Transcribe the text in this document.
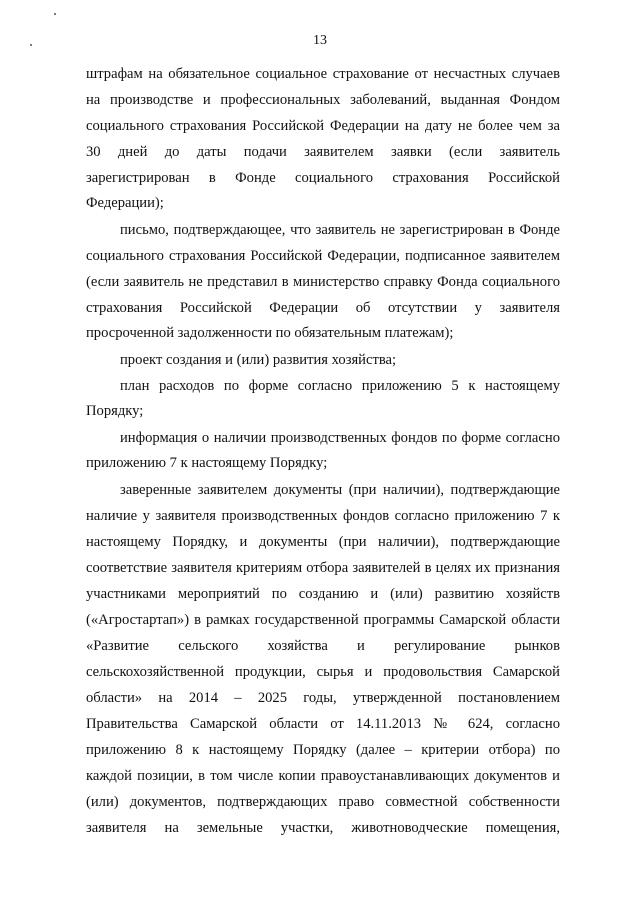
13
штрафам на обязательное социальное страхование от несчастных случаев
на производстве и профессиональных заболеваний, выданная Фондом
социального страхования Российской Федерации на дату не более чем за
30 дней до даты подачи заявителем заявки (если заявитель
зарегистрирован в Фонде социального страхования Российской
Федерации);
письмо, подтверждающее, что заявитель не зарегистрирован в Фонде
социального страхования Российской Федерации, подписанное заявителем
(если заявитель не представил в министерство справку Фонда социального
страхования Российской Федерации об отсутствии у заявителя
просроченной задолженности по обязательным платежам);
проект создания и (или) развития хозяйства;
план расходов по форме согласно приложению 5 к настоящему
Порядку;
информация о наличии производственных фондов по форме согласно
приложению 7 к настоящему Порядку;
заверенные заявителем документы (при наличии), подтверждающие
наличие у заявителя производственных фондов согласно приложению 7 к
настоящему Порядку, и документы (при наличии), подтверждающие
соответствие заявителя критериям отбора заявителей в целях их признания
участниками мероприятий по созданию и (или) развитию хозяйств
(«Агростартап») в рамках государственной программы Самарской области
«Развитие сельского хозяйства и регулирование рынков
сельскохозяйственной продукции, сырья и продовольствия Самарской
области» на 2014 – 2025 годы, утвержденной постановлением
Правительства Самарской области от 14.11.2013 № 624, согласно
приложению 8 к настоящему Порядку (далее – критерии отбора) по
каждой позиции, в том числе копии правоустанавливающих документов и
(или) документов, подтверждающих право совместной собственности
заявителя на земельные участки, животноводческие помещения,
